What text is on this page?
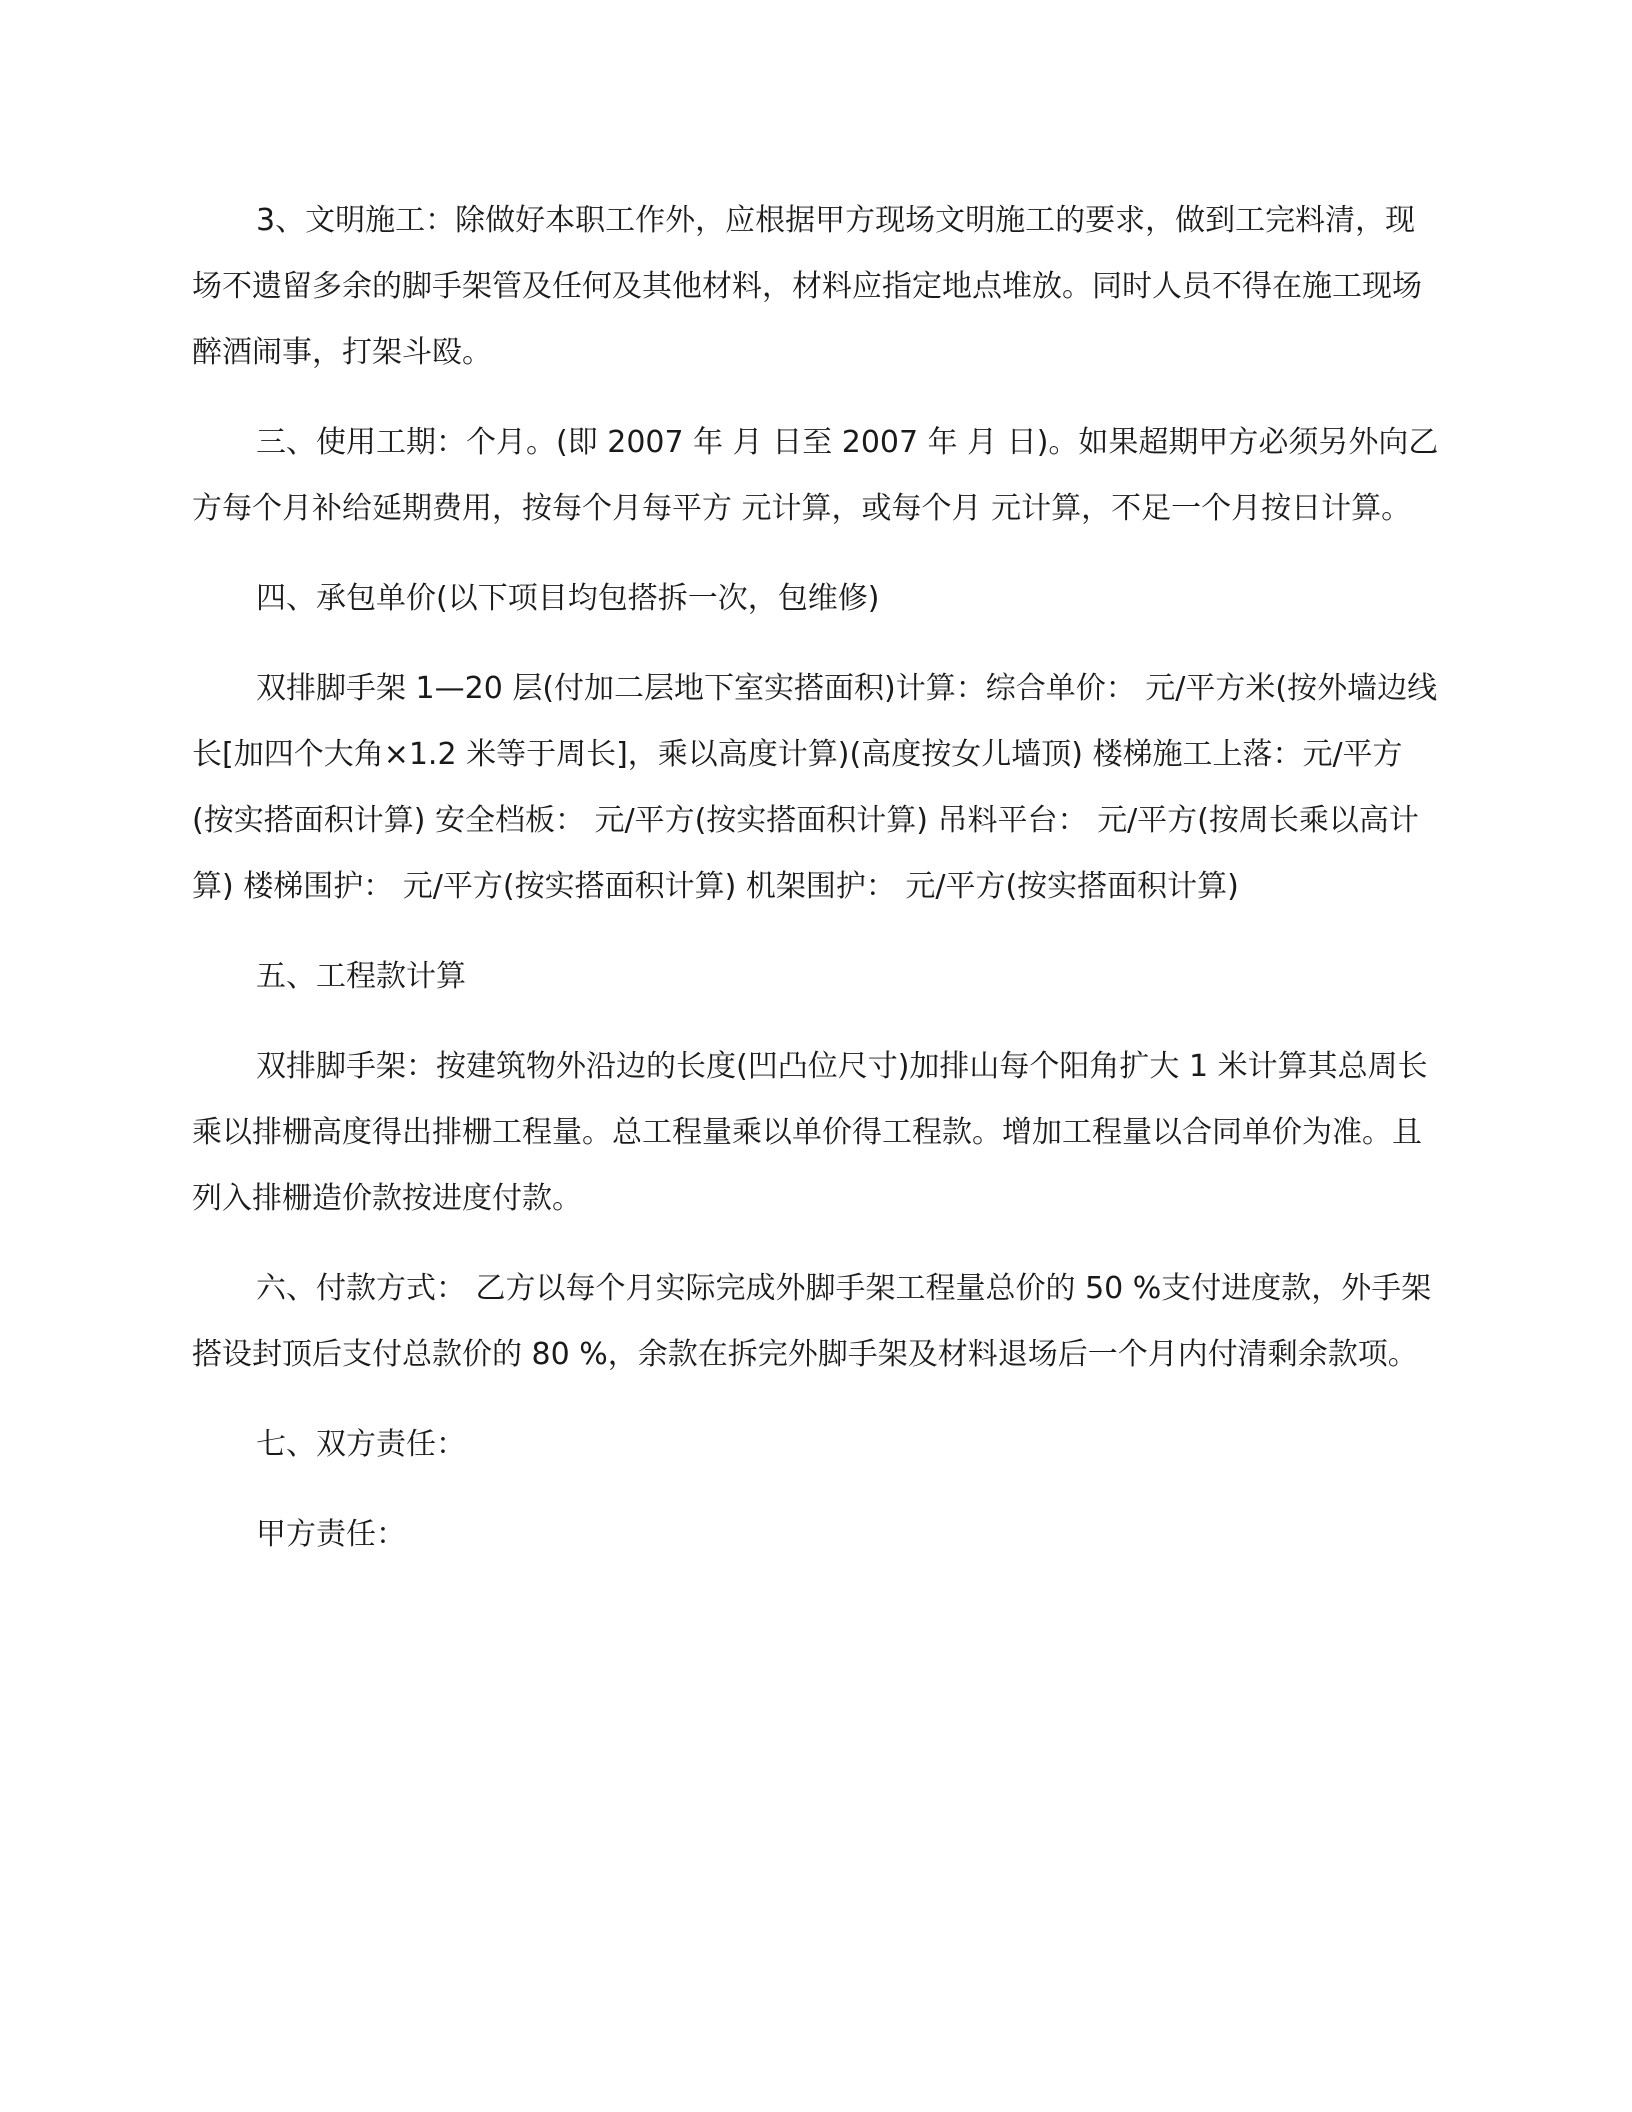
3、文明施工：除做好本职工作外，应根据甲方现场文明施工的要求，做到工完料清，现场不遗留多余的脚手架管及任何及其他材料，材料应指定地点堆放。同时人员不得在施工现场醉酒闹事，打架斗殴。

三、使用工期：个月。(即 2007 年 月 日至 2007 年 月 日)。如果超期甲方必须另外向乙方每个月补给延期费用，按每个月每平方 元计算，或每个月 元计算，不足一个月按日计算。

四、承包单价(以下项目均包搭拆一次，包维修)

双排脚手架 1—20 层(付加二层地下室实搭面积)计算：综合单价： 元/平方米(按外墙边线长[加四个大角×1.2 米等于周长]，乘以高度计算)(高度按女儿墙顶) 楼梯施工上落：元/平方(按实搭面积计算) 安全档板： 元/平方(按实搭面积计算) 吊料平台： 元/平方(按周长乘以高计算) 楼梯围护： 元/平方(按实搭面积计算) 机架围护： 元/平方(按实搭面积计算)

五、工程款计算

双排脚手架：按建筑物外沿边的长度(凹凸位尺寸)加排山每个阳角扩大 1 米计算其总周长乘以排栅高度得出排栅工程量。总工程量乘以单价得工程款。增加工程量以合同单价为准。且列入排栅造价款按进度付款。

六、付款方式： 乙方以每个月实际完成外脚手架工程量总价的 50 %支付进度款，外手架搭设封顶后支付总款价的 80 %，余款在拆完外脚手架及材料退场后一个月内付清剩余款项。

七、双方责任：

甲方责任：
